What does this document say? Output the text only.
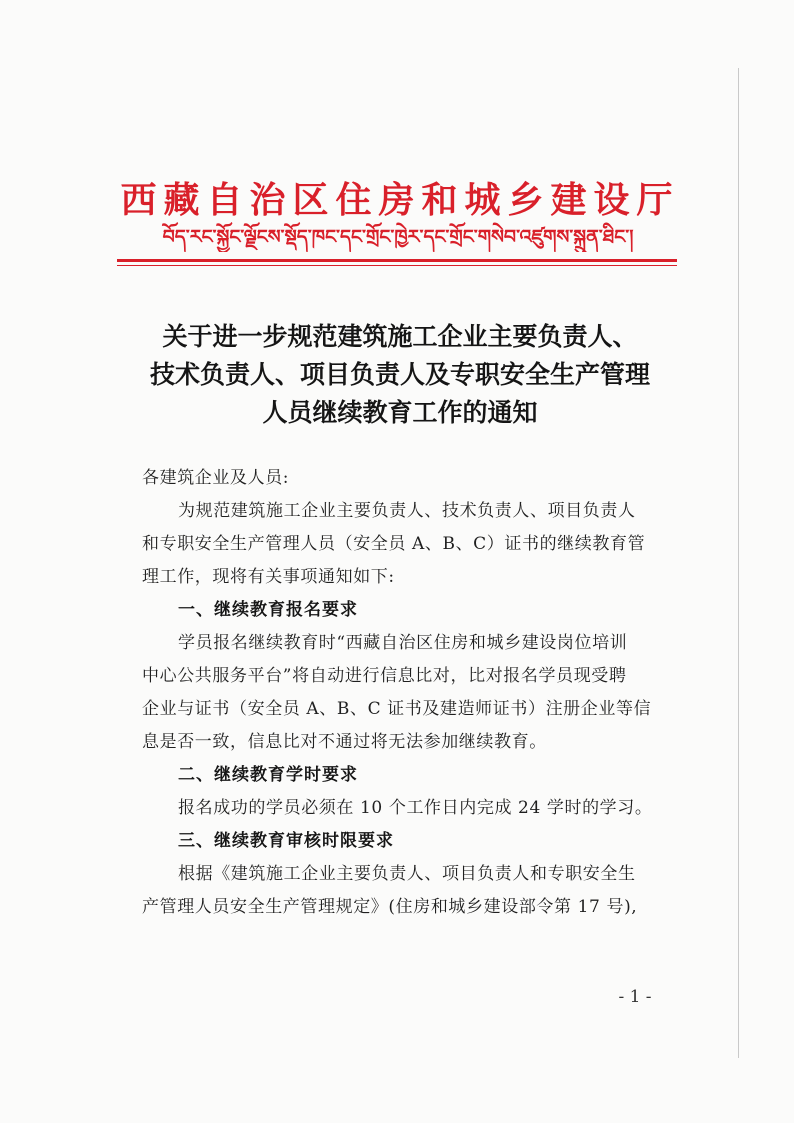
西藏自治区住房和城乡建设厅
བོད་རང་སྐྱོང་ལྗོངས་སྡོད་ཁང་དང་གྲོང་ཁྱེར་དང་གྲོང་གསེབ་འཛུགས་སྐྲུན་ཐིང་།
关于进一步规范建筑施工企业主要负责人、
技术负责人、项目负责人及专职安全生产管理
人员继续教育工作的通知
各建筑企业及人员:
为规范建筑施工企业主要负责人、技术负责人、项目负责人
和专职安全生产管理人员（安全员 A、B、C）证书的继续教育管
理工作，现将有关事项通知如下:
一、继续教育报名要求
学员报名继续教育时“西藏自治区住房和城乡建设岗位培训
中心公共服务平台”将自动进行信息比对，比对报名学员现受聘
企业与证书（安全员 A、B、C 证书及建造师证书）注册企业等信
息是否一致，信息比对不通过将无法参加继续教育。
二、继续教育学时要求
报名成功的学员必须在 10 个工作日内完成 24 学时的学习。
三、继续教育审核时限要求
根据《建筑施工企业主要负责人、项目负责人和专职安全生
产管理人员安全生产管理规定》(住房和城乡建设部令第 17 号),
- 1 -
